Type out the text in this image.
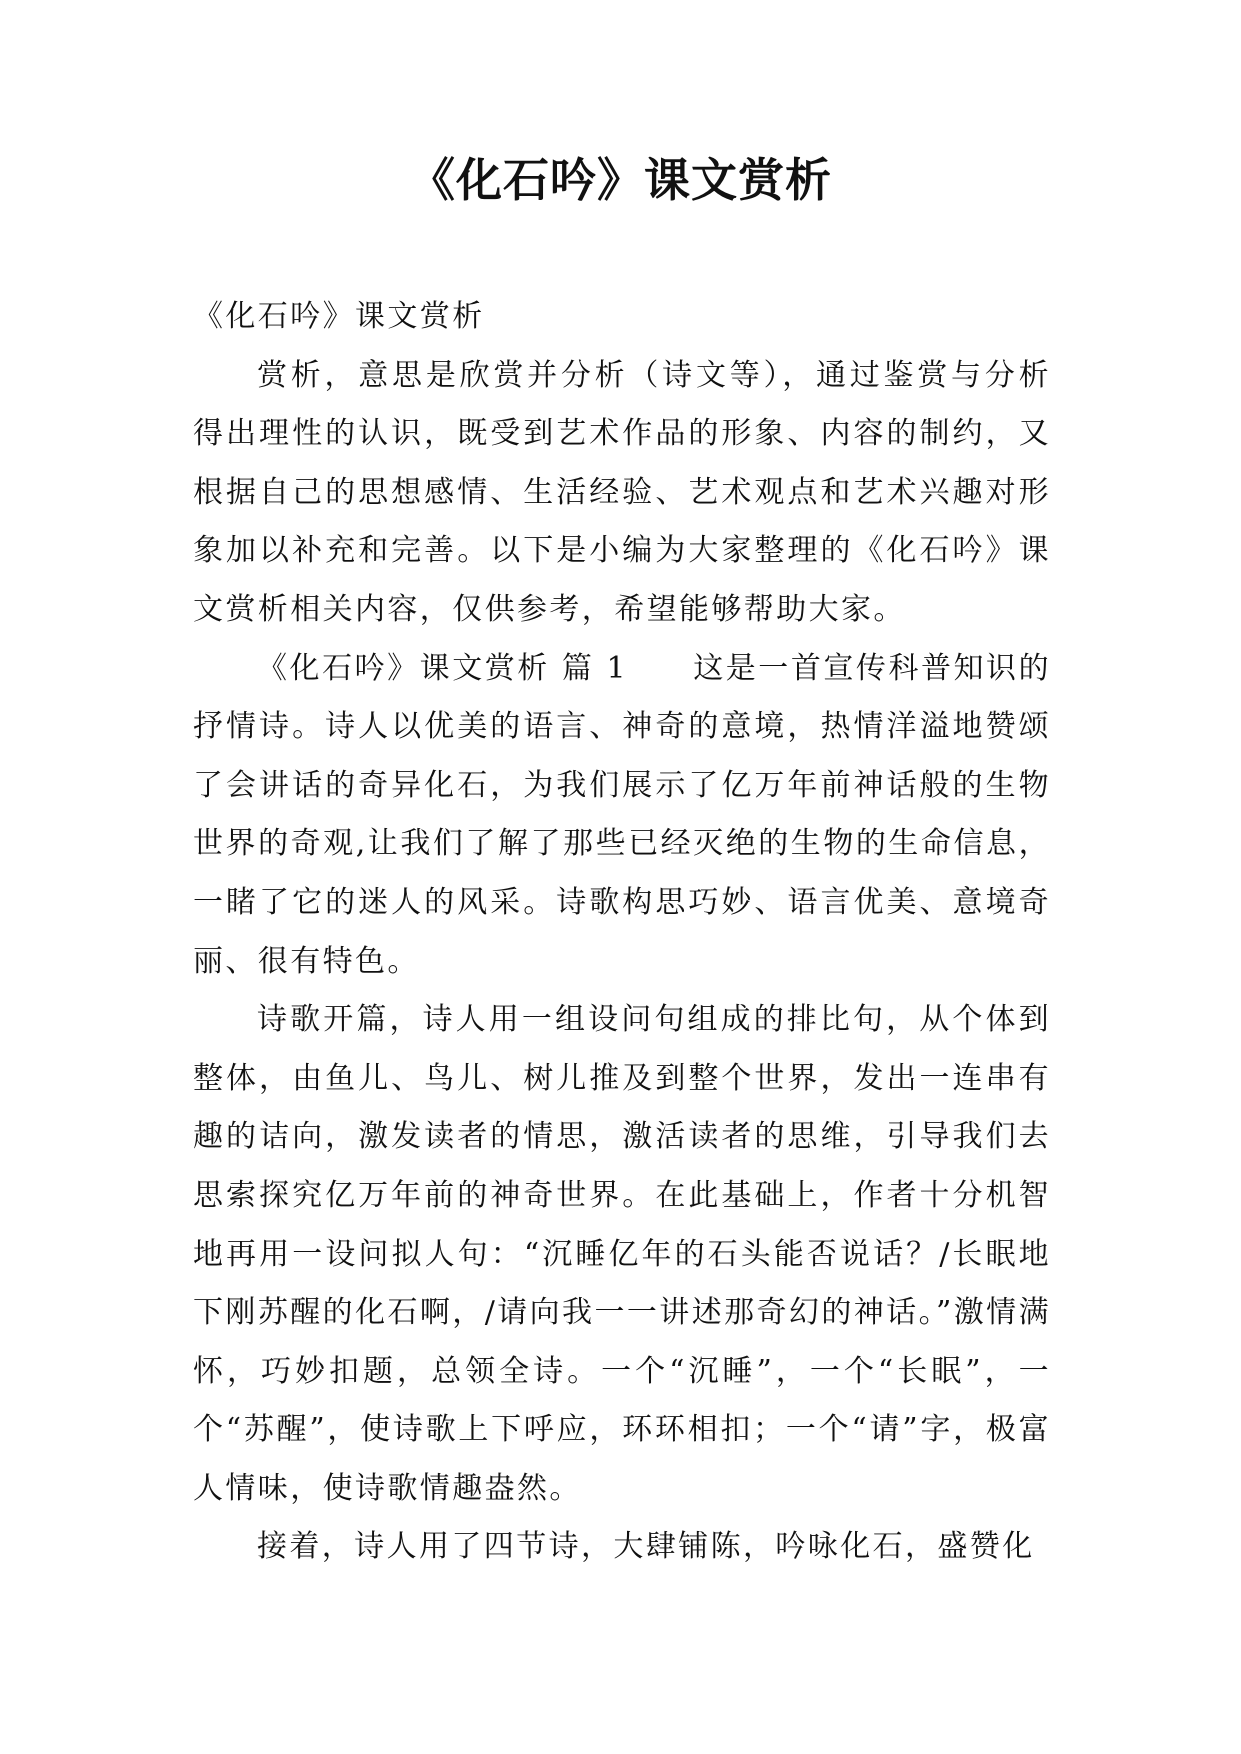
《化石吟》课文赏析

《化石吟》课文赏析

赏析，意思是欣赏并分析（诗文等），通过鉴赏与分析得出理性的认识，既受到艺术作品的形象、内容的制约，又根据自己的思想感情、生活经验、艺术观点和艺术兴趣对形象加以补充和完善。以下是小编为大家整理的《化石吟》课文赏析相关内容，仅供参考，希望能够帮助大家。

《化石吟》课文赏析 篇 1　　这是一首宣传科普知识的抒情诗。诗人以优美的语言、神奇的意境，热情洋溢地赞颂了会讲话的奇异化石，为我们展示了亿万年前神话般的生物世界的奇观,让我们了解了那些已经灭绝的生物的生命信息，一睹了它的迷人的风采。诗歌构思巧妙、语言优美、意境奇丽、很有特色。

诗歌开篇，诗人用一组设问句组成的排比句，从个体到整体，由鱼儿、鸟儿、树儿推及到整个世界，发出一连串有趣的诘向，激发读者的情思，激活读者的思维，引导我们去思索探究亿万年前的神奇世界。在此基础上，作者十分机智地再用一设问拟人句：“沉睡亿年的石头能否说话？/长眠地下刚苏醒的化石啊，/请向我一一讲述那奇幻的神话。”激情满怀，巧妙扣题，总领全诗。一个“沉睡”，一个“长眠”，一个“苏醒”，使诗歌上下呼应，环环相扣；一个“请”字，极富人情味，使诗歌情趣盎然。

接着，诗人用了四节诗，大肆铺陈，吟咏化石，盛赞化
